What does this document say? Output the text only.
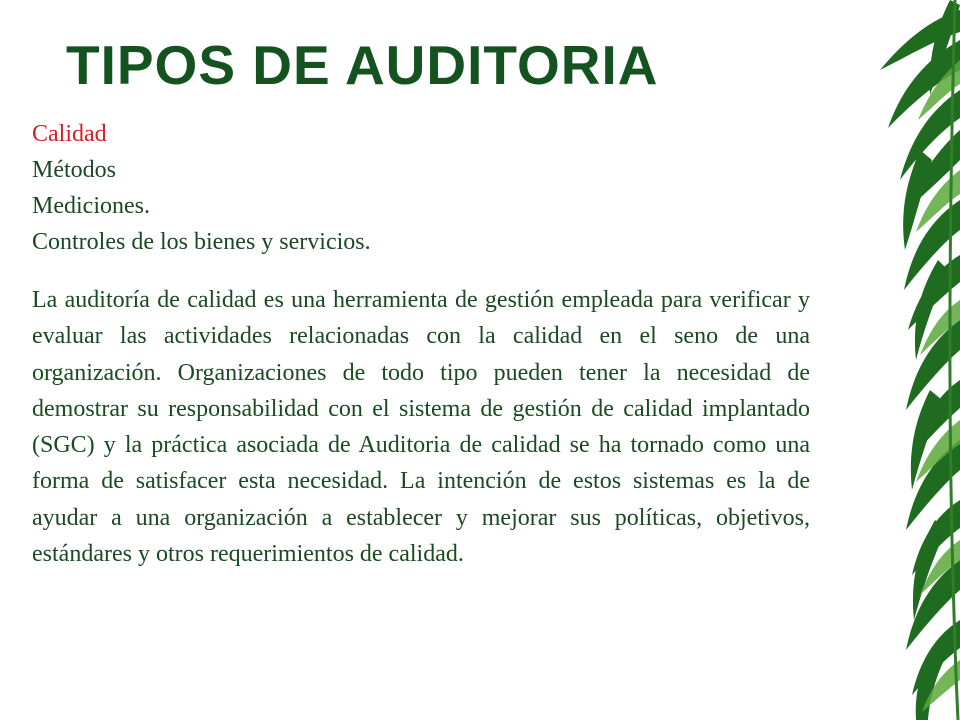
TIPOS DE AUDITORIA
Calidad
Métodos
Mediciones.
Controles de los bienes y servicios.

La auditoría de calidad es una herramienta de gestión empleada para verificar y evaluar las actividades relacionadas con la calidad en el seno de una organización. Organizaciones de todo tipo pueden tener la necesidad de demostrar su responsabilidad con el sistema de gestión de calidad implantado (SGC) y la práctica asociada de Auditoria de calidad se ha tornado como una forma de satisfacer esta necesidad. La intención de estos sistemas es la de ayudar a una organización a establecer y mejorar sus políticas, objetivos, estándares y otros requerimientos de calidad.
